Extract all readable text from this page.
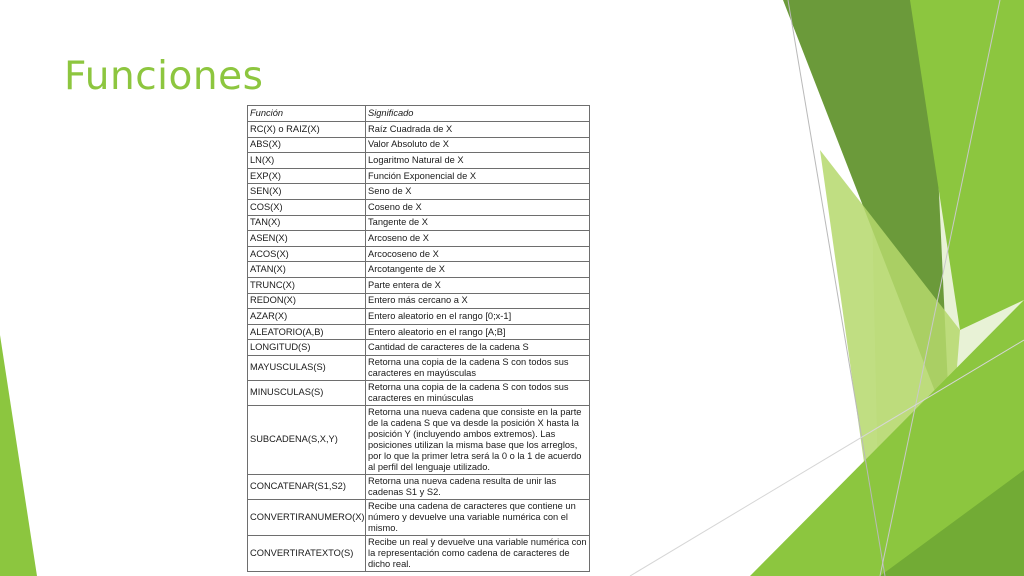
Funciones
Función	Significado
RC(X) o RAIZ(X)	Raíz Cuadrada de X
ABS(X)	Valor Absoluto de X
LN(X)	Logaritmo Natural de X
EXP(X)	Función Exponencial de X
SEN(X)	Seno de X
COS(X)	Coseno de X
TAN(X)	Tangente de X
ASEN(X)	Arcoseno de X
ACOS(X)	Arcocoseno de X
ATAN(X)	Arcotangente de X
TRUNC(X)	Parte entera de X
REDON(X)	Entero más cercano a X
AZAR(X)	Entero aleatorio en el rango [0;x-1]
ALEATORIO(A,B)	Entero aleatorio en el rango [A;B]
LONGITUD(S)	Cantidad de caracteres de la cadena S
MAYUSCULAS(S)	Retorna una copia de la cadena S con todos sus caracteres en mayúsculas
MINUSCULAS(S)	Retorna una copia de la cadena S con todos sus caracteres en minúsculas
SUBCADENA(S,X,Y)	Retorna una nueva cadena que consiste en la parte de la cadena S que va desde la posición X hasta la posición Y (incluyendo ambos extremos). Las posiciones utilizan la misma base que los arreglos, por lo que la primer letra será la 0 o la 1 de acuerdo al perfil del lenguaje utilizado.
CONCATENAR(S1,S2)	Retorna una nueva cadena resulta de unir las cadenas S1 y S2.
CONVERTIRANUMERO(X)	Recibe una cadena de caracteres que contiene un número y devuelve una variable numérica con el mismo.
CONVERTIRATEXTO(S)	Recibe un real y devuelve una variable numérica con la representación como cadena de caracteres de dicho real.
